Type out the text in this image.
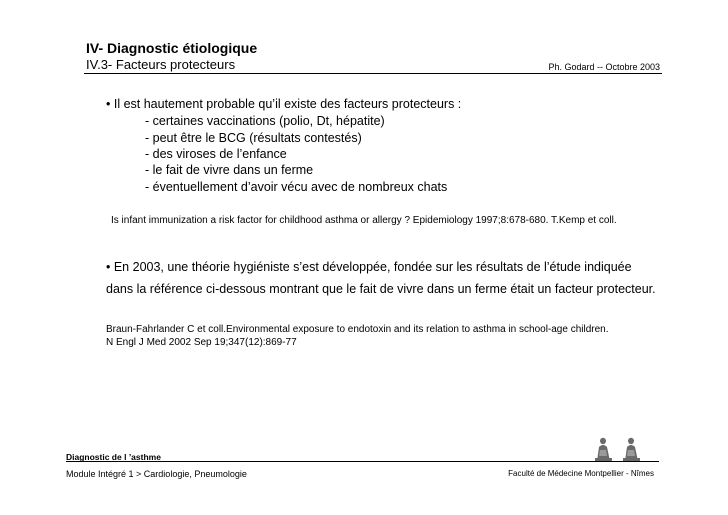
IV- Diagnostic étiologique
IV.3- Facteurs protecteurs	Ph. Godard -- Octobre 2003
• Il est hautement probable qu’il existe des facteurs protecteurs :
- certaines vaccinations (polio, Dt, hépatite)
- peut être le BCG (résultats contestés)
- des viroses de l’enfance
- le fait de vivre dans un ferme
- éventuellement d’avoir vécu avec de nombreux chats
Is infant immunization a risk factor for childhood asthma or allergy ? Epidemiology 1997;8:678-680. T.Kemp et coll.
• En 2003, une théorie hygiéniste s’est développée, fondée sur les résultats de l’étude indiquée
dans la référence ci-dessous montrant que le fait de vivre dans un ferme était un facteur protecteur.
Braun-Fahrlander C et coll.Environmental exposure to endotoxin and its relation to asthma in school-age children.
N Engl J Med 2002 Sep 19;347(12):869-77
Diagnostic de l ’asthme
Module Intégré 1 > Cardiologie, Pneumologie	Faculté de Médecine Montpellier - Nîmes
